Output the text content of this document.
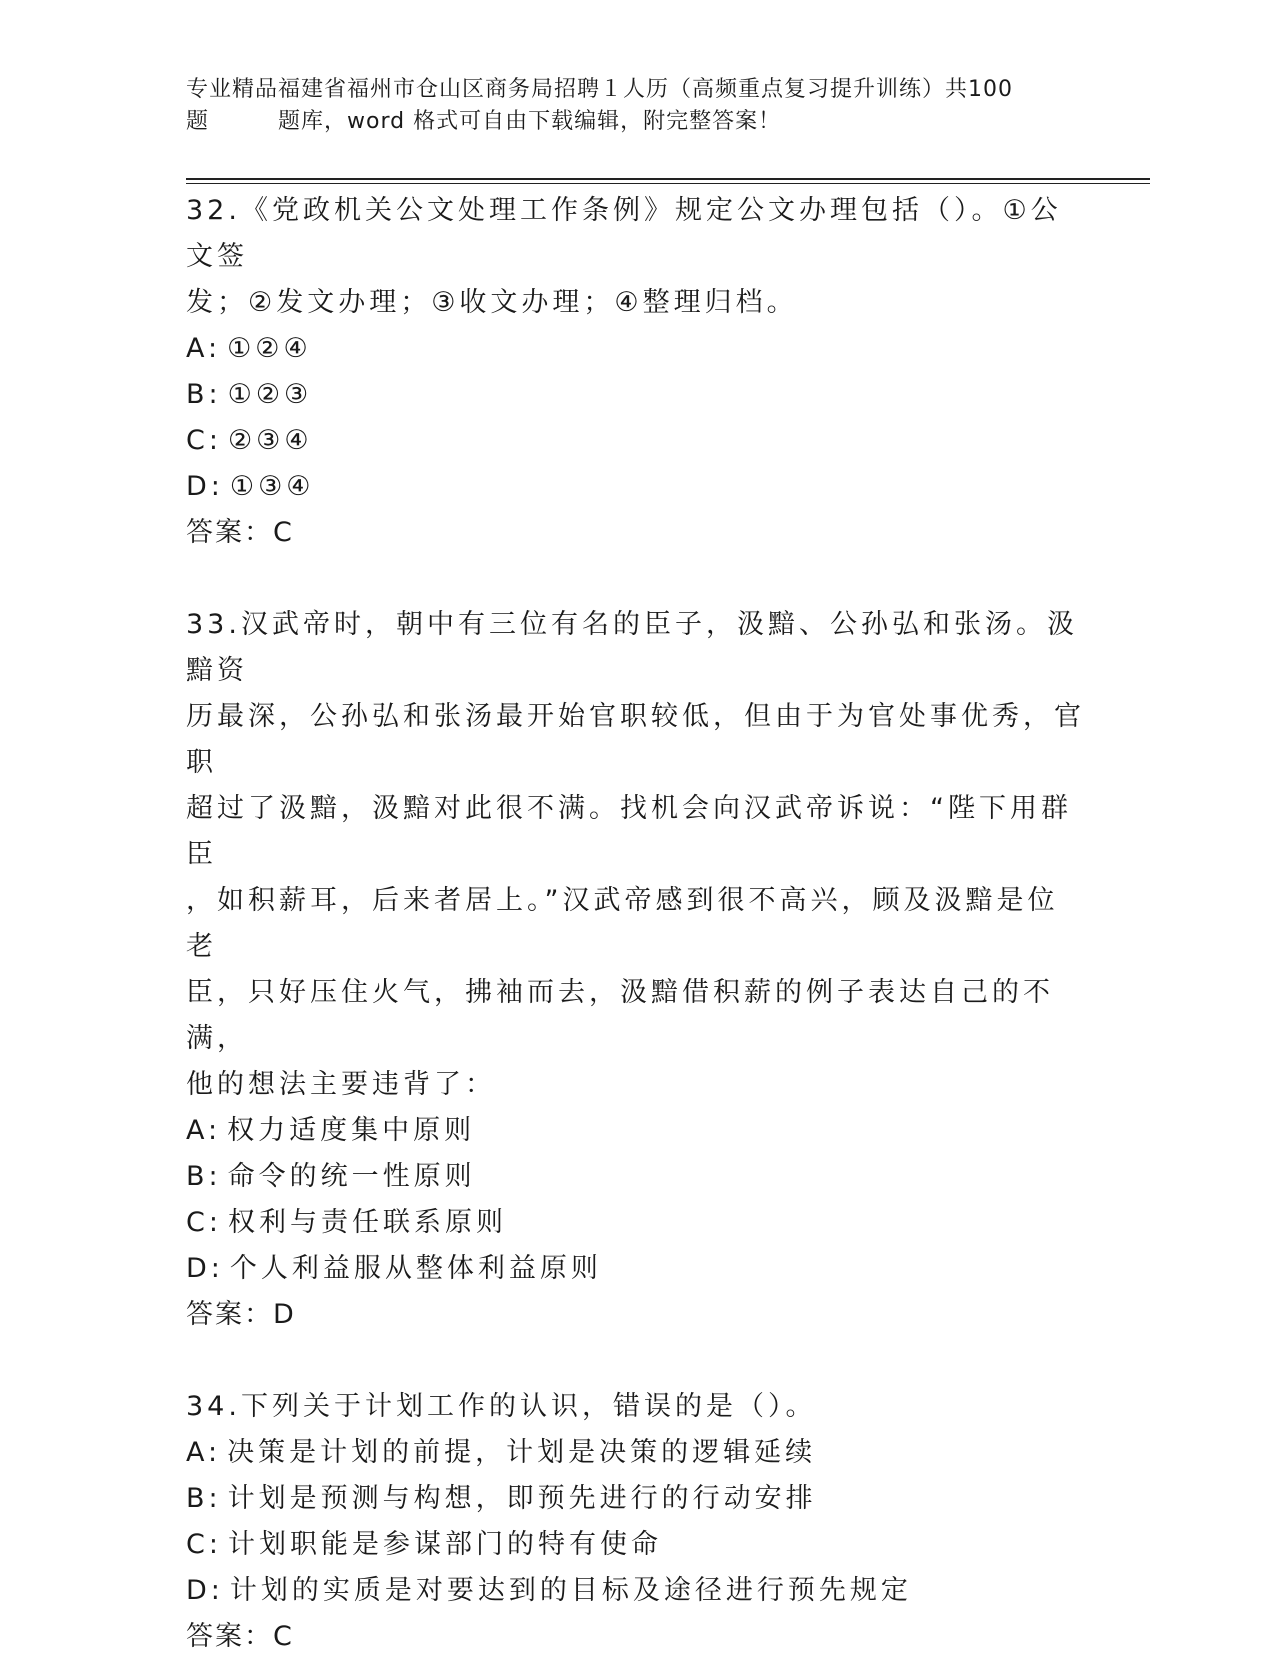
专业精品福建省福州市仓山区商务局招聘１人历（高频重点复习提升训练）共100
题　　　题库，word 格式可自由下载编辑，附完整答案！

32.《党政机关公文处理工作条例》规定公文办理包括（）。①公文签

发；②发文办理；③收文办理；④整理归档。

A: ①②④

B: ①②③

C: ②③④

D: ①③④

答案：C

33.汉武帝时，朝中有三位有名的臣子，汲黯、公孙弘和张汤。汲黯资

历最深，公孙弘和张汤最开始官职较低，但由于为官处事优秀，官职

超过了汲黯，汲黯对此很不满。找机会向汉武帝诉说：“陛下用群臣

，如积薪耳，后来者居上。”汉武帝感到很不高兴，顾及汲黯是位老

臣，只好压住火气，拂袖而去，汲黯借积薪的例子表达自己的不满，

他的想法主要违背了：

A: 权力适度集中原则

B: 命令的统一性原则

C: 权利与责任联系原则

D: 个人利益服从整体利益原则

答案：D

34.下列关于计划工作的认识，错误的是（）。

A: 决策是计划的前提，计划是决策的逻辑延续

B: 计划是预测与构想，即预先进行的行动安排

C: 计划职能是参谋部门的特有使命

D: 计划的实质是对要达到的目标及途径进行预先规定

答案：C
